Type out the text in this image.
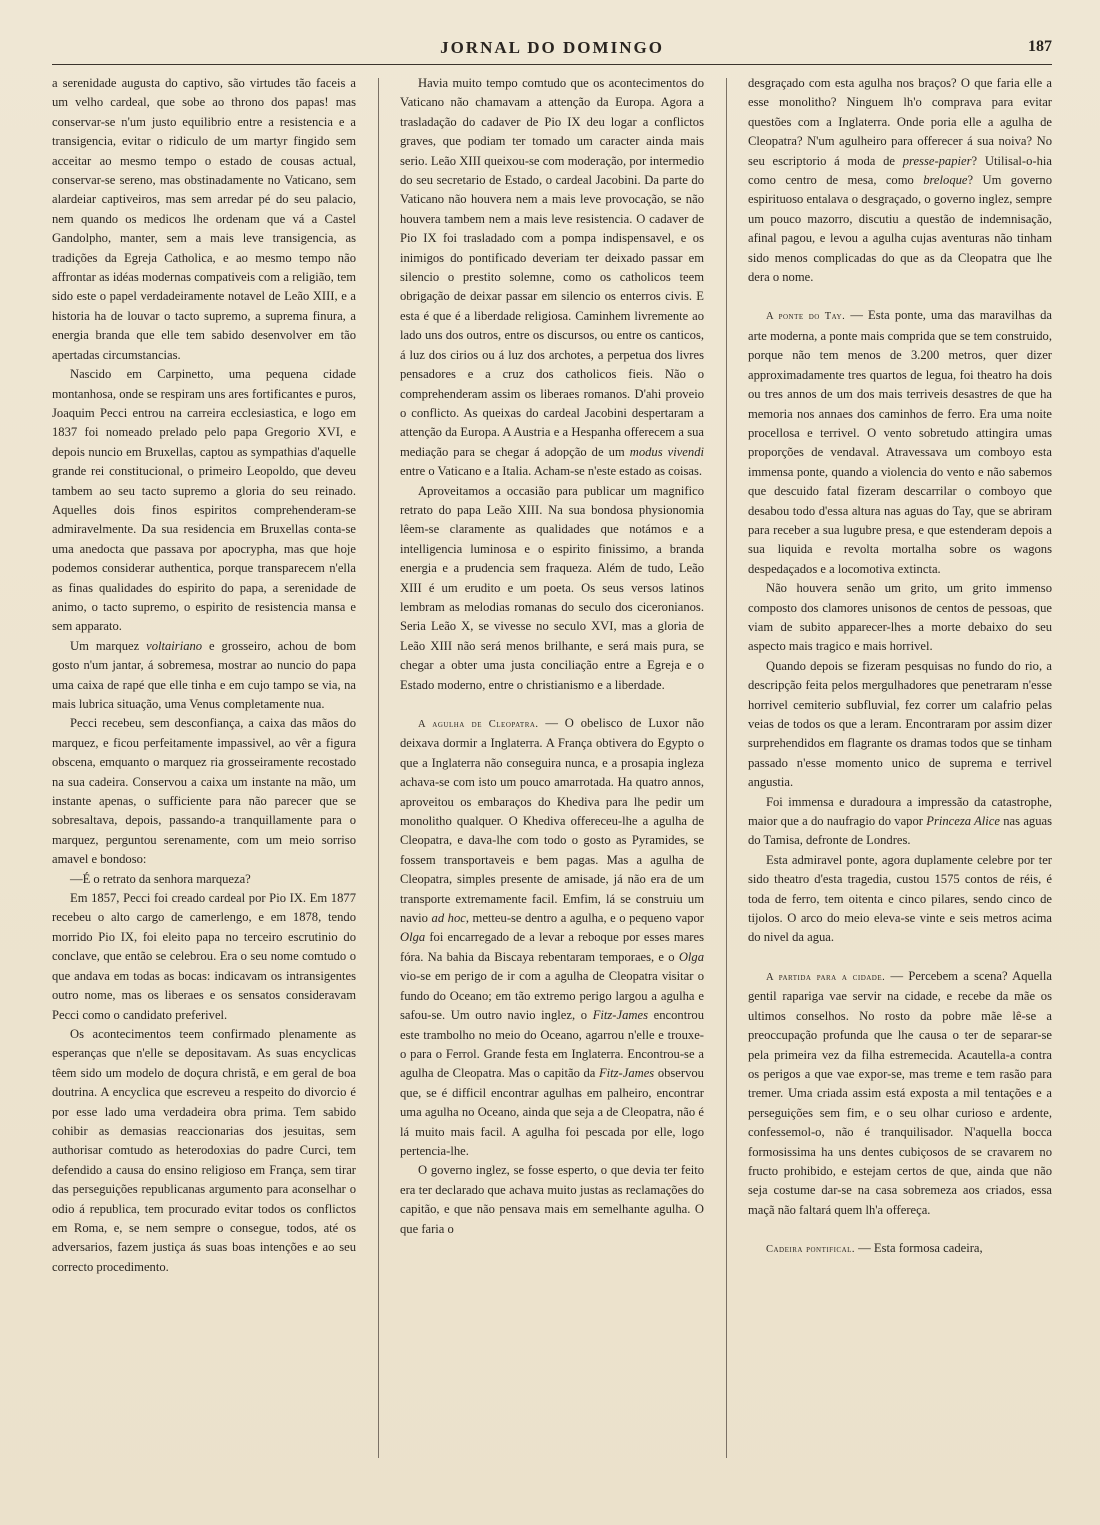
JORNAL DO DOMINGO	187

a serenidade augusta do captivo, são virtudes tão faceis a um velho cardeal, que sobe ao throno dos papas! mas conservar-se n'um justo equilibrio entre a resistencia e a transigencia, evitar o ridiculo de um martyr fingido sem acceitar ao mesmo tempo o estado de cousas actual, conservar-se sereno, mas obstinadamente no Vaticano, sem alardeiar captiveiros, mas sem arredar pé do seu palacio, nem quando os medicos lhe ordenam que vá a Castel Gandolpho, manter, sem a mais leve transigencia, as tradições da Egreja Catholica, e ao mesmo tempo não affrontar as idéas modernas compativeis com a religião, tem sido este o papel verdadeiramente notavel de Leão XIII, e a historia ha de louvar o tacto supremo, a suprema finura, a energia branda que elle tem sabido desenvolver em tão apertadas circumstancias.

Nascido em Carpinetto, uma pequena cidade montanhosa, onde se respiram uns ares fortificantes e puros, Joaquim Pecci entrou na carreira ecclesiastica, e logo em 1837 foi nomeado prelado pelo papa Gregorio XVI, e depois nuncio em Bruxellas, captou as sympathias d'aquelle grande rei constitucional, o primeiro Leopoldo, que deveu tambem ao seu tacto supremo a gloria do seu reinado. Aquelles dois finos espiritos comprehenderam-se admiravelmente. Da sua residencia em Bruxellas conta-se uma anedocta que passava por apocrypha, mas que hoje podemos considerar authentica, porque transparecem n'ella as finas qualidades do espirito do papa, a serenidade de animo, o tacto supremo, o espirito de resistencia mansa e sem apparato.

Um marquez voltairiano e grosseiro, achou de bom gosto n'um jantar, á sobremesa, mostrar ao nuncio do papa uma caixa de rapé que elle tinha e em cujo tampo se via, na mais lubrica situação, uma Venus completamente nua.

Pecci recebeu, sem desconfiança, a caixa das mãos do marquez, e ficou perfeitamente impassivel, ao vêr a figura obscena, emquanto o marquez ria grosseiramente recostado na sua cadeira. Conservou a caixa um instante na mão, um instante apenas, o sufficiente para não parecer que se sobresaltava, depois, passando-a tranquillamente para o marquez, perguntou serenamente, com um meio sorriso amavel e bondoso:

—É o retrato da senhora marqueza?

Em 1857, Pecci foi creado cardeal por Pio IX. Em 1877 recebeu o alto cargo de camerlengo, e em 1878, tendo morrido Pio IX, foi eleito papa no terceiro escrutinio do conclave, que então se celebrou. Era o seu nome comtudo o que andava em todas as bocas: indicavam os intransigentes outro nome, mas os liberaes e os sensatos consideravam Pecci como o candidato preferivel.

Os acontecimentos teem confirmado plenamente as esperanças que n'elle se depositavam. As suas encyclicas têem sido um modelo de doçura christã, e em geral de boa doutrina. A encyclica que escreveu a respeito do divorcio é por esse lado uma verdadeira obra prima. Tem sabido cohibir as demasias reaccionarias dos jesuitas, sem authorisar comtudo as heterodoxias do padre Curci, tem defendido a causa do ensino religioso em França, sem tirar das perseguições republicanas argumento para aconselhar o odio á republica, tem procurado evitar todos os conflictos em Roma, e, se nem sempre o consegue, todos, até os adversarios, fazem justiça ás suas boas intenções e ao seu correcto procedimento.

Havia muito tempo comtudo que os acontecimentos do Vaticano não chamavam a attenção da Europa. Agora a trasladação do cadaver de Pio IX deu logar a conflictos graves, que podiam ter tomado um caracter ainda mais serio. Leão XIII queixou-se com moderação, por intermedio do seu secretario de Estado, o cardeal Jacobini. Da parte do Vaticano não houvera nem a mais leve provocação, se não houvera tambem nem a mais leve resistencia. O cadaver de Pio IX foi trasladado com a pompa indispensavel, e os inimigos do pontificado deveriam ter deixado passar em silencio o prestito solemne, como os catholicos teem obrigação de deixar passar em silencio os enterros civis. E esta é que é a liberdade religiosa. Caminhem livremente ao lado uns dos outros, entre os discursos, ou entre os canticos, á luz dos cirios ou á luz dos archotes, a perpetua dos livres pensadores e a cruz dos catholicos fieis. Não o comprehenderam assim os liberaes romanos. D'ahi proveio o conflicto. As queixas do cardeal Jacobini despertaram a attenção da Europa. A Austria e a Hespanha offerecem a sua mediação para se chegar á adopção de um modus vivendi entre o Vaticano e a Italia. Acham-se n'este estado as coisas.

Aproveitamos a occasião para publicar um magnifico retrato do papa Leão XIII. Na sua bondosa physionomia lêem-se claramente as qualidades que notámos e a intelligencia luminosa e o espirito finissimo, a branda energia e a prudencia sem fraqueza. Além de tudo, Leão XIII é um erudito e um poeta. Os seus versos latinos lembram as melodias romanas do seculo dos ciceronianos. Seria Leão X, se vivesse no seculo XVI, mas a gloria de Leão XIII não será menos brilhante, e será mais pura, se chegar a obter uma justa conciliação entre a Egreja e o Estado moderno, entre o christianismo e a liberdade.

A agulha de Cleopatra. — O obelisco de Luxor não deixava dormir a Inglaterra. A França obtivera do Egypto o que a Inglaterra não conseguira nunca, e a prosapia ingleza achava-se com isto um pouco amarrotada. Ha quatro annos, aproveitou os embaraços do Khediva para lhe pedir um monolitho qualquer. O Khediva offereceu-lhe a agulha de Cleopatra, e dava-lhe com todo o gosto as Pyramides, se fossem transportaveis e bem pagas. Mas a agulha de Cleopatra, simples presente de amisade, já não era de um transporte extremamente facil. Emfim, lá se construiu um navio ad hoc, metteu-se dentro a agulha, e o pequeno vapor Olga foi encarregado de a levar a reboque por esses mares fóra. Na bahia da Biscaya rebentaram temporaes, e o Olga vio-se em perigo de ir com a agulha de Cleopatra visitar o fundo do Oceano; em tão extremo perigo largou a agulha e safou-se. Um outro navio inglez, o Fitz-James encontrou este trambolho no meio do Oceano, agarrou n'elle e trouxe-o para o Ferrol. Grande festa em Inglaterra. Encontrou-se a agulha de Cleopatra. Mas o capitão da Fitz-James observou que, se é difficil encontrar agulhas em palheiro, encontrar uma agulha no Oceano, ainda que seja a de Cleopatra, não é lá muito mais facil. A agulha foi pescada por elle, logo pertencia-lhe.

O governo inglez, se fosse esperto, o que devia ter feito era ter declarado que achava muito justas as reclamações do capitão, e que não pensava mais em semelhante agulha. O que faria o

desgraçado com esta agulha nos braços? O que faria elle a esse monolitho? Ninguem lh'o comprava para evitar questões com a Inglaterra. Onde poria elle a agulha de Cleopatra? N'um agulheiro para offerecer á sua noiva? No seu escriptorio á moda de presse-papier? Utilisal-o-hia como centro de mesa, como breloque? Um governo espirituoso entalava o desgraçado, o governo inglez, sempre um pouco mazorro, discutiu a questão de indemnisação, afinal pagou, e levou a agulha cujas aventuras não tinham sido menos complicadas do que as da Cleopatra que lhe dera o nome.

A ponte do Tay. — Esta ponte, uma das maravilhas da arte moderna, a ponte mais comprida que se tem construido, porque não tem menos de 3.200 metros, quer dizer approximadamente tres quartos de legua, foi theatro ha dois ou tres annos de um dos mais terriveis desastres de que ha memoria nos annaes dos caminhos de ferro. Era uma noite procellosa e terrivel. O vento sobretudo attingira umas proporções de vendaval. Atravessava um comboyo esta immensa ponte, quando a violencia do vento e não sabemos que descuido fatal fizeram descarrilar o comboyo que desabou todo d'essa altura nas aguas do Tay, que se abriram para receber a sua lugubre presa, e que estenderam depois a sua liquida e revolta mortalha sobre os wagons despedaçados e a locomotiva extincta.

Não houvera senão um grito, um grito immenso composto dos clamores unisonos de centos de pessoas, que viam de subito apparecer-lhes a morte debaixo do seu aspecto mais tragico e mais horrivel.

Quando depois se fizeram pesquisas no fundo do rio, a descripção feita pelos mergulhadores que penetraram n'esse horrivel cemiterio subfluvial, fez correr um calafrio pelas veias de todos os que a leram. Encontraram por assim dizer surprehendidos em flagrante os dramas todos que se tinham passado n'esse momento unico de suprema e terrivel angustia.

Foi immensa e duradoura a impressão da catastrophe, maior que a do naufragio do vapor Princeza Alice nas aguas do Tamisa, defronte de Londres.

Esta admiravel ponte, agora duplamente celebre por ter sido theatro d'esta tragedia, custou 1575 contos de réis, é toda de ferro, tem oitenta e cinco pilares, sendo cinco de tijolos. O arco do meio eleva-se vinte e seis metros acima do nivel da agua.

A partida para a cidade. — Percebem a scena? Aquella gentil rapariga vae servir na cidade, e recebe da mãe os ultimos conselhos. No rosto da pobre mãe lê-se a preoccupação profunda que lhe causa o ter de separar-se pela primeira vez da filha estremecida. Acautella-a contra os perigos a que vae expor-se, mas treme e tem rasão para tremer. Uma criada assim está exposta a mil tentações e a perseguições sem fim, e o seu olhar curioso e ardente, confessemol-o, não é tranquilisador. N'aquella bocca formosissima ha uns dentes cubiçosos de se cravarem no fructo prohibido, e estejam certos de que, ainda que não seja costume dar-se na casa sobremeza aos criados, essa maçã não faltará quem lh'a offereça.

Cadeira pontifical. — Esta formosa cadeira,
